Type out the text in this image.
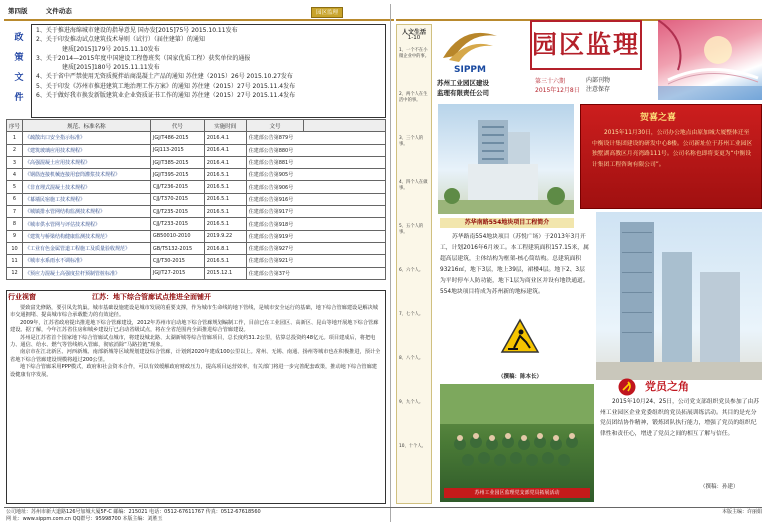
第四版	文件动态	园区监理
政
策
文
件
1、关于推进海绵城市建设的指导意见 国办发[2015]75号 2015.10.11发布
2、关于印发推动试点建筑技术导则（试行）（届住建第）的通知
建质[2015]179号 2015.11.10发布
3、关于2014—2015年度中国建设工程鲁班奖（国家优质工程）获奖单位的通报
建质[2015]180号 2015.11.11发布
4、关于省中严禁使用无资质搅拌站商混凝土产品的通知 苏住建（2015）26号 2015.10.27发布
5、关于印发《苏州市推进建筑工地治理工作方案》的通知 苏住建（2015）27号 2015.11.4发布
6、关于做好我市换发新版建筑业企业资质证书工作的通知 苏住建（2015）27号 2015.11.4发布
序号	规范、标准名称	代号	实施时间	文号	
1	《疏散出口安全指示标准》	JGJ/T486-2015	2016.4.1	住建部公告第879号	
2	《建筑玻璃应用技术规程》	JGJ113-2015	2016.4.1	住建部公告第880号	
3	《高强混凝土应用技术规程》	JGJ/T385-2015	2016.4.1	住建部公告第881号	
4	《钢筋连接机械连接用套筒灌浆技术规程》	JGJ/T395-2015	2016.5.1	住建部公告第905号	
5	《非直埋式混凝土技术规程》	CJJ/T236-2015	2016.5.1	住建部公告第906号	
6	《幕墙民宿施工技术规程》	CJJ/T370-2015	2016.5.1	住建部公告第916号	
7	《城镇排水管网结构监测技术规程》	CJJ/T235-2015	2016.5.1	住建部公告第917号	
8	《城市供水管网与评估技术规程》	CJJ/T233-2015	2016.5.1	住建部公告第918号	
9	《建筑与桥梁结构健康监测技术规范》	GB50010-2010	2019.9.22	住建部公告第919号	
10	《工业有色金属管道工程施工及质量验收规范》	GB/T5132-2015	2016.8.1	住建部公告第927号	
11	《城市水系雨水不调标准》	CJJ/T30-2015	2016.5.1	住建部公告第921号	
12	《预应力混凝土高强度拉杆预制管桩标准》	JGJ/T27-2015	2015.12.1	住建部公告第37号	
行业视窗	江苏：地下综合管廊试点推进全面铺开

要致富先修路，要引凤先筑巢。城市基础设施建设是城市发展的重要支撑，作为城市生命线的地下管线，是城市安全运行的基础，地下综合管廊建设是解决城市交通拥堵、提高城市综合承载能力的有效途径。

2009年，江苏省政府提出推进地下综合管廊建设，2012年苏州市启动地下综合管廊规划编制工作，目前已在工业园区、高新区、昆山等地开展地下综合管廊建设。据了解，今年江苏省住房和城乡建设厅已启动省级试点，将在全省范围内全面推进综合管廊建设。

苏州是江苏省首个国家地下综合管廊试点城市，将建设城北路、太湖新城等综合管廊项目，总长度约31.2公里，估算总投资约48亿元。项目建成后，将把电力、通信、给水、燃气等管线纳入管廊，彻底消除“马路拉链”现象。

南京市在江北新区、河西新城、南部新城等区域规划建设综合管廊，计划到2020年建成100公里以上。常州、无锡、南通、扬州等城市也在积极推进，预计全省地下综合管廊建设规模将超过200公里。

地下综合管廊采用PPP模式，政府和社会资本合作，可以有效缓解政府财政压力，提高项目运营效率，有关部门将进一步完善配套政策，推动地下综合管廊建设健康有序发展。

公司地址：苏州市新大道路126号加城大厦5F-C 邮编：215021 电话：0512-67611767 传真：0512-67618560
网 址：www.sippm.com.cn QQ群号：95998700 本版主编：刘胜玉
本版主编：许丽娟
人文生活
1-10
1、一个不在小微企业中的事。
2、两个人在生活中的事。
3、三个人的事。
4、四个人在做事。
5、五个人的事。
6、六个人。
7、七个人。
8、八个人。
9、九个人。
10、十个人。
SIPPM
苏州工业园区建设
监理有限责任公司
园区监理
第三十六期
2015年12月8日
内部刊物
注意保存
贺喜之喜
2015年11月30日，公司办公地点由原加城大厦整体迁至中衡设计集团建设的研发中心8楼。公司新址位于苏州工业园区独墅湖高教区月亮湾路111号。公司名称也即将变更为“中衡设计集团工程咨询有限公司”。
苏华南路554地块项目工程简介
苏华路南554地块项目（苏悦广场）于2013年3月开工，计划2016年6月竣工。本工程建筑面积157.15米，属超高层建筑，主体结构为框架-核心筒结构。总建筑面积93216㎡，地下3层，地上39层，裙楼4层。地下2、3层为平时停车人防功能，地下1层为商业区并设有地铁通道。554地块项目将成为苏州新的地标建筑。
（撰稿：陈本长）
党员之角
2015年10月24、25日，公司党支部组织党员参加了由苏州工业园区企业党委组织的党员拓展训练活动。其目的是充分党员团结协作精神，锻炼团队执行能力，增强了党员的组织纪律性和责任心，增进了党员之间的相互了解与信任。
（撰稿：孙建）
苏州工业园区监理党支部党员拓展活动
